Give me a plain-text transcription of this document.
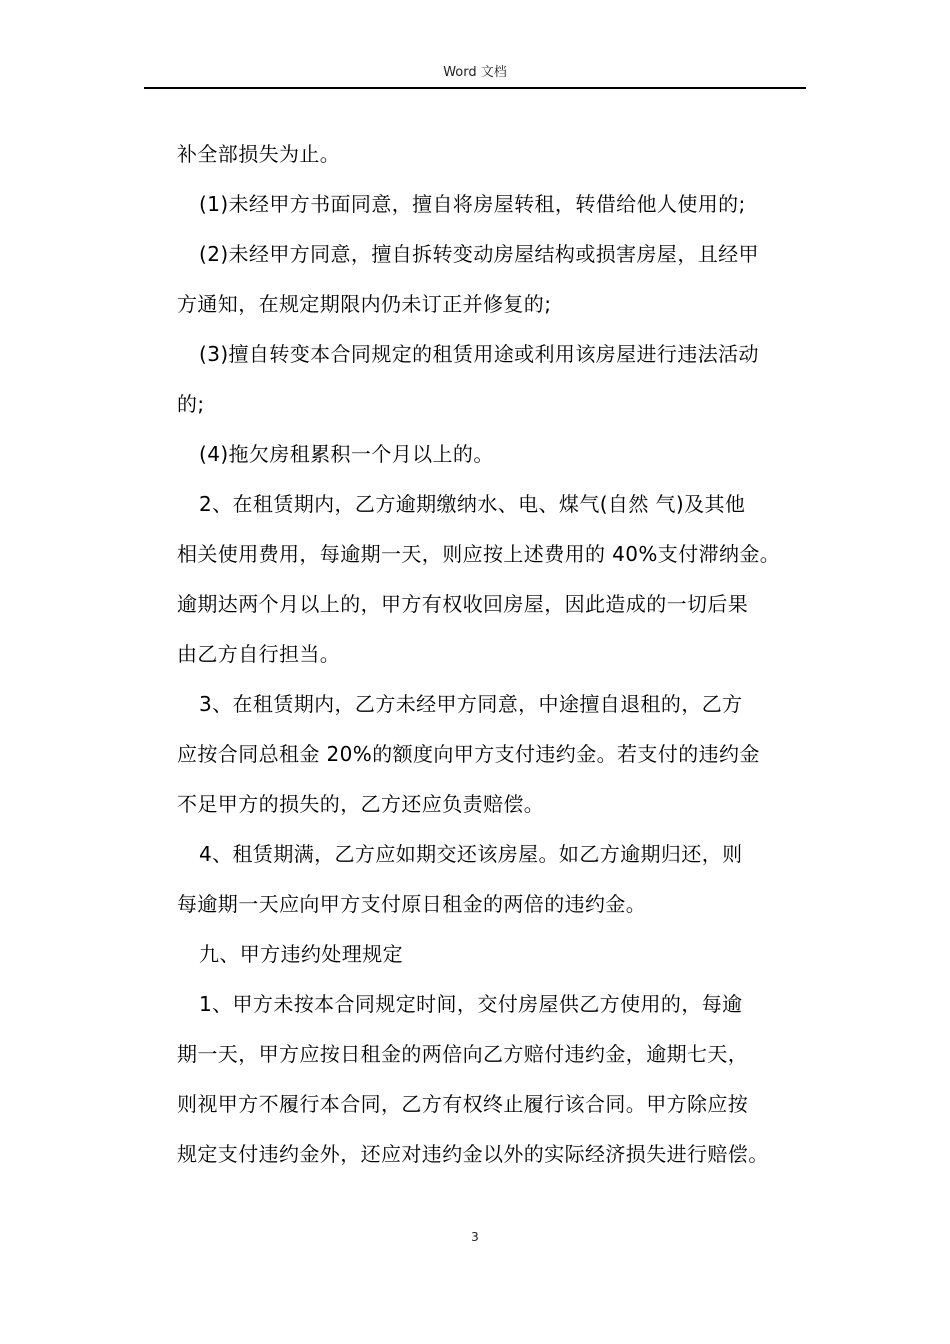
Word 文档
补全部损失为止。
(1)未经甲方书面同意，擅自将房屋转租，转借给他人使用的;
(2)未经甲方同意，擅自拆转变动房屋结构或损害房屋，且经甲
方通知，在规定期限内仍未订正并修复的;
(3)擅自转变本合同规定的租赁用途或利用该房屋进行违法活动
的;
(4)拖欠房租累积一个月以上的。
2、在租赁期内，乙方逾期缴纳水、电、煤气(自然 气)及其他
相关使用费用，每逾期一天，则应按上述费用的 40%支付滞纳金。
逾期达两个月以上的，甲方有权收回房屋，因此造成的一切后果
由乙方自行担当。
3、在租赁期内，乙方未经甲方同意，中途擅自退租的，乙方
应按合同总租金 20%的额度向甲方支付违约金。若支付的违约金
不足甲方的损失的，乙方还应负责赔偿。
4、租赁期满，乙方应如期交还该房屋。如乙方逾期归还，则
每逾期一天应向甲方支付原日租金的两倍的违约金。
九、甲方违约处理规定
1、甲方未按本合同规定时间，交付房屋供乙方使用的，每逾
期一天，甲方应按日租金的两倍向乙方赔付违约金，逾期七天，
则视甲方不履行本合同，乙方有权终止履行该合同。甲方除应按
规定支付违约金外，还应对违约金以外的实际经济损失进行赔偿。
3
